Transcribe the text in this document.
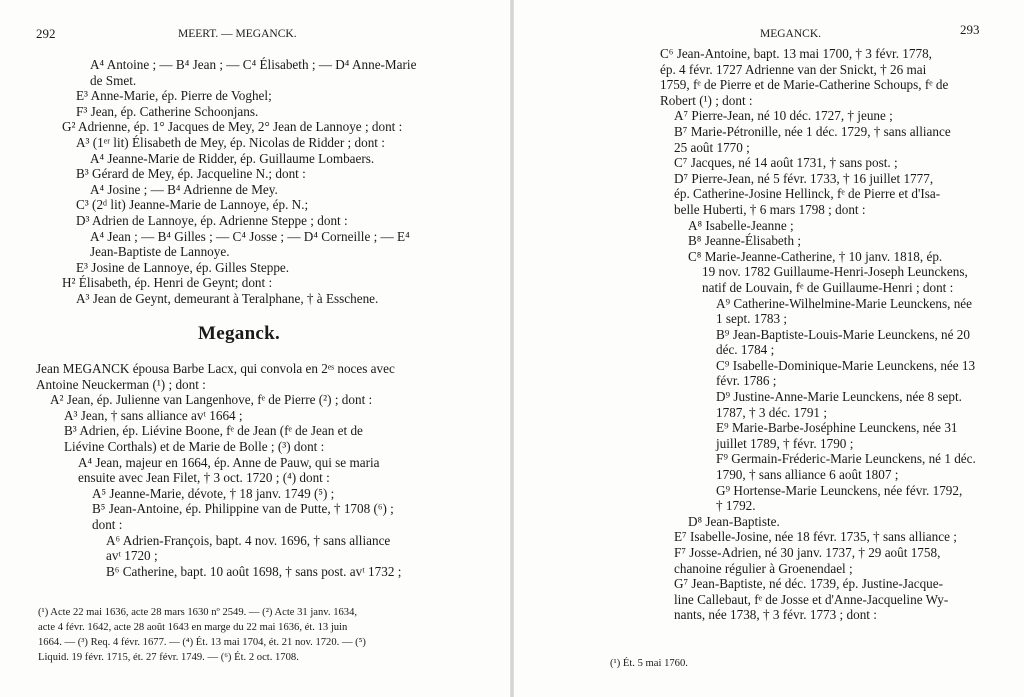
292	MEERT. — MEGANCK.
A⁴ Antoine ; — B⁴ Jean ; — C⁴ Élisabeth ; — D⁴ Anne-Marie
de Smet.
E³ Anne-Marie, ép. Pierre de Voghel;
F³ Jean, ép. Catherine Schoonjans.
G² Adrienne, ép. 1° Jacques de Mey, 2° Jean de Lannoye ; dont :
A³ (1ᵉʳ lit) Élisabeth de Mey, ép. Nicolas de Ridder ; dont :
A⁴ Jeanne-Marie de Ridder, ép. Guillaume Lombaers.
B³ Gérard de Mey, ép. Jacqueline N.; dont :
A⁴ Josine ; — B⁴ Adrienne de Mey.
C³ (2ᵈ lit) Jeanne-Marie de Lannoye, ép. N.;
D³ Adrien de Lannoye, ép. Adrienne Steppe ; dont :
A⁴ Jean ; — B⁴ Gilles ; — C⁴ Josse ; — D⁴ Corneille ; — E⁴
Jean-Baptiste de Lannoye.
E³ Josine de Lannoye, ép. Gilles Steppe.
H² Élisabeth, ép. Henri de Geynt; dont :
A³ Jean de Geynt, demeurant à Teralphane, † à Esschene.
Meganck.
Jean MEGANCK épousa Barbe Lacx, qui convola en 2ᵉˢ noces avec
Antoine Neuckerman (¹) ; dont :
A² Jean, ép. Julienne van Langenhove, fᵉ de Pierre (²) ; dont :
A³ Jean, † sans alliance avᵗ 1664 ;
B³ Adrien, ép. Liévine Boone, fᵉ de Jean (fᵉ de Jean et de
Liévine Corthals) et de Marie de Bolle ; (³) dont :
A⁴ Jean, majeur en 1664, ép. Anne de Pauw, qui se maria
ensuite avec Jean Filet, † 3 oct. 1720 ; (⁴) dont :
A⁵ Jeanne-Marie, dévote, † 18 janv. 1749 (⁵) ;
B⁵ Jean-Antoine, ép. Philippine van de Putte, † 1708 (⁶) ;
dont :
A⁶ Adrien-François, bapt. 4 nov. 1696, † sans alliance
avᵗ 1720 ;
B⁶ Catherine, bapt. 10 août 1698, † sans post. avᵗ 1732 ;
(¹) Acte 22 mai 1636, acte 28 mars 1630 nº 2549. — (²) Acte 31 janv. 1634,
acte 4 févr. 1642, acte 28 août 1643 en marge du 22 mai 1636, ét. 13 juin
1664. — (³) Req. 4 févr. 1677. — (⁴) Ét. 13 mai 1704, ét. 21 nov. 1720. — (⁵)
Liquid. 19 févr. 1715, ét. 27 févr. 1749. — (⁶) Ét. 2 oct. 1708.
MEGANCK.	293
C⁶ Jean-Antoine, bapt. 13 mai 1700, † 3 févr. 1778,
ép. 4 févr. 1727 Adrienne van der Snickt, † 26 mai
1759, fᵉ de Pierre et de Marie-Catherine Schoups, fᵉ de
Robert (¹) ; dont :
A⁷ Pierre-Jean, né 10 déc. 1727, † jeune ;
B⁷ Marie-Pétronille, née 1 déc. 1729, † sans alliance
25 août 1770 ;
C⁷ Jacques, né 14 août 1731, † sans post. ;
D⁷ Pierre-Jean, né 5 févr. 1733, † 16 juillet 1777,
ép. Catherine-Josine Hellinck, fᵉ de Pierre et d'Isa-
belle Huberti, † 6 mars 1798 ; dont :
A⁸ Isabelle-Jeanne ;
B⁸ Jeanne-Élisabeth ;
C⁸ Marie-Jeanne-Catherine, † 10 janv. 1818, ép.
19 nov. 1782 Guillaume-Henri-Joseph Leunckens,
natif de Louvain, fᵉ de Guillaume-Henri ; dont :
A⁹ Catherine-Wilhelmine-Marie Leunckens, née
1 sept. 1783 ;
B⁹ Jean-Baptiste-Louis-Marie Leunckens, né 20
déc. 1784 ;
C⁹ Isabelle-Dominique-Marie Leunckens, née 13
févr. 1786 ;
D⁹ Justine-Anne-Marie Leunckens, née 8 sept.
1787, † 3 déc. 1791 ;
E⁹ Marie-Barbe-Joséphine Leunckens, née 31
juillet 1789, † févr. 1790 ;
F⁹ Germain-Fréderic-Marie Leunckens, né 1 déc.
1790, † sans alliance 6 août 1807 ;
G⁹ Hortense-Marie Leunckens, née févr. 1792,
† 1792.
D⁸ Jean-Baptiste.
E⁷ Isabelle-Josine, née 18 févr. 1735, † sans alliance ;
F⁷ Josse-Adrien, né 30 janv. 1737, † 29 août 1758,
chanoine régulier à Groenendael ;
G⁷ Jean-Baptiste, né déc. 1739, ép. Justine-Jacque-
line Callebaut, fᵉ de Josse et d'Anne-Jacqueline Wy-
nants, née 1738, † 3 févr. 1773 ; dont :
(¹) Ét. 5 mai 1760.
